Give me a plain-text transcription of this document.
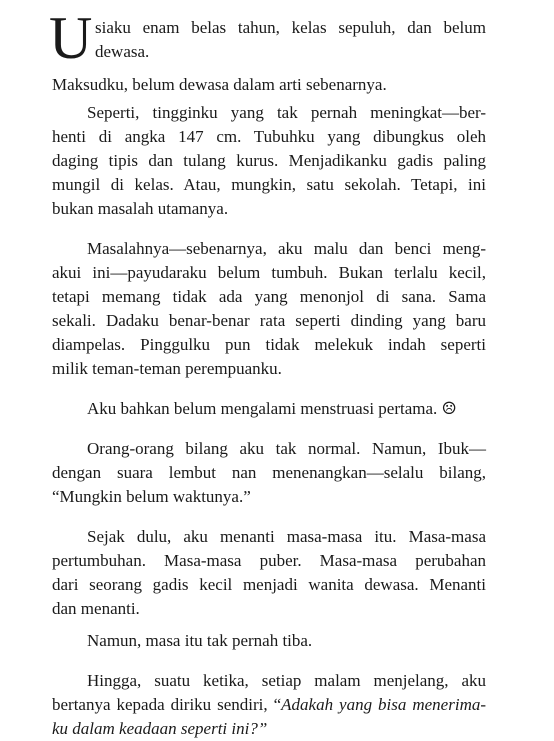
U siaku enam belas tahun, kelas sepuluh, dan belum
dewasa.
Maksudku, belum dewasa dalam arti sebenarnya.
Seperti, tingginku yang tak pernah meningkat—ber-
henti di angka 147 cm. Tubuhku yang dibungkus oleh
daging tipis dan tulang kurus. Menjadikanku gadis paling
mungil di kelas. Atau, mungkin, satu sekolah. Tetapi, ini
bukan masalah utamanya.
Masalahnya—sebenarnya, aku malu dan benci meng-
akui ini—payudaraku belum tumbuh. Bukan terlalu kecil,
tetapi memang tidak ada yang menonjol di sana. Sama
sekali. Dadaku benar-benar rata seperti dinding yang baru
diampelas. Pinggulku pun tidak melekuk indah seperti
milik teman-teman perempuanku.
Aku bahkan belum mengalami menstruasi pertama. ☹
Orang-orang bilang aku tak normal. Namun, Ibuk—
dengan suara lembut nan menenangkan—selalu bilang,
“Mungkin belum waktunya.”
Sejak dulu, aku menanti masa-masa itu. Masa-masa
pertumbuhan. Masa-masa puber. Masa-masa perubahan
dari seorang gadis kecil menjadi wanita dewasa. Menanti
dan menanti.
Namun, masa itu tak pernah tiba.
Hingga, suatu ketika, setiap malam menjelang, aku
bertanya kepada diriku sendiri, “Adakah yang bisa menerima-
ku dalam keadaan seperti ini?”
